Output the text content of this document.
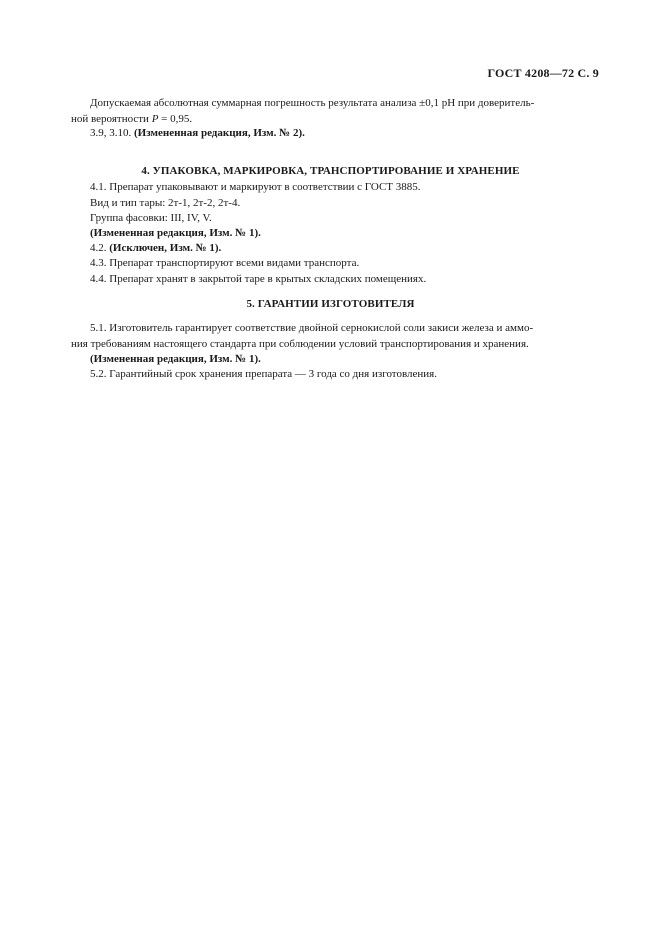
ГОСТ 4208—72 С. 9
Допускаемая абсолютная суммарная погрешность результата анализа ±0,1 рН при доверитель-
ной вероятности P = 0,95.
3.9, 3.10. (Измененная редакция, Изм. № 2).
4.1. Препарат упаковывают и маркируют в соответствии с ГОСТ 3885.
Вид и тип тары: 2т-1, 2т-2, 2т-4.
Группа фасовки: III, IV, V.
(Измененная редакция, Изм. № 1).
4.2. (Исключен, Изм. № 1).
4.3. Препарат транспортируют всеми видами транспорта.
4.4. Препарат хранят в закрытой таре в крытых складских помещениях.
5.1. Изготовитель гарантирует соответствие двойной сернокислой соли закиси железа и аммо-
ния требованиям настоящего стандарта при соблюдении условий транспортирования и хранения.
(Измененная редакция, Изм. № 1).
5.2. Гарантийный срок хранения препарата — 3 года со дня изготовления.
4. УПАКОВКА, МАРКИРОВКА, ТРАНСПОРТИРОВАНИЕ И ХРАНЕНИЕ
5. ГАРАНТИИ ИЗГОТОВИТЕЛЯ
